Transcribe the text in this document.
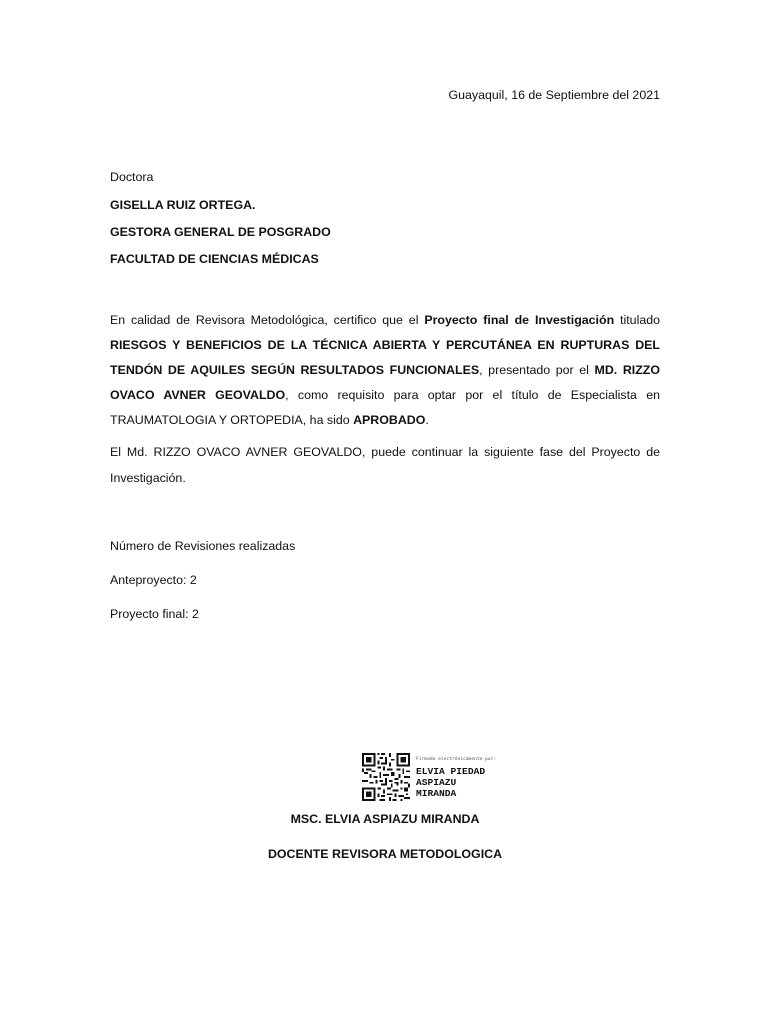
Guayaquil, 16 de Septiembre del 2021
Doctora
GISELLA RUIZ ORTEGA.
GESTORA GENERAL DE POSGRADO
FACULTAD DE CIENCIAS MÉDICAS
En calidad de Revisora Metodológica, certifico que el Proyecto final de Investigación titulado RIESGOS Y BENEFICIOS DE LA TÉCNICA ABIERTA Y PERCUTÁNEA EN RUPTURAS DEL TENDÓN DE AQUILES SEGÚN RESULTADOS FUNCIONALES, presentado por el MD. RIZZO OVACO AVNER GEOVALDO, como requisito para optar por el título de Especialista en TRAUMATOLOGIA Y ORTOPEDIA, ha sido APROBADO.
El Md. RIZZO OVACO AVNER GEOVALDO, puede continuar la siguiente fase del Proyecto de Investigación.
Número de Revisiones realizadas
Anteproyecto: 2
Proyecto final: 2
Firmado electrónicamente por:
ELVIA PIEDAD
ASPIAZU
MIRANDA
MSC. ELVIA ASPIAZU MIRANDA
DOCENTE REVISORA METODOLOGICA
